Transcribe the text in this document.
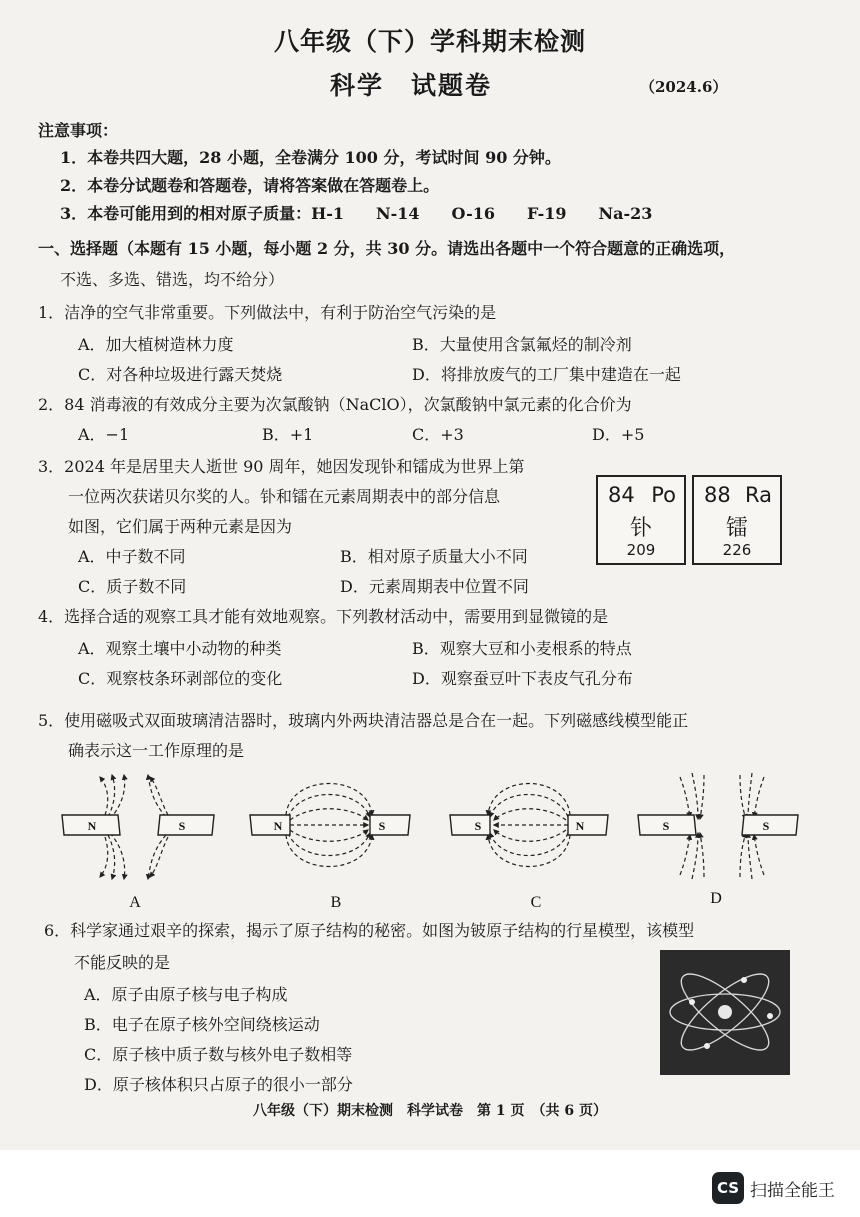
八年级（下）学科期末检测
科学　试题卷	（2024.6）
注意事项：
1．本卷共四大题，28 小题，全卷满分 100 分，考试时间 90 分钟。
2．本卷分试题卷和答题卷，请将答案做在答题卷上。
3．本卷可能用到的相对原子质量：H-1　　N-14　　O-16　　F-19　　Na-23
一、选择题（本题有 15 小题，每小题 2 分，共 30 分。请选出各题中一个符合题意的正确选项，
不选、多选、错选，均不给分）
1．洁净的空气非常重要。下列做法中，有利于防治空气污染的是
A．加大植树造林力度	B．大量使用含氯氟烃的制冷剂
C．对各种垃圾进行露天焚烧	D．将排放废气的工厂集中建造在一起
2．84 消毒液的有效成分主要为次氯酸钠（NaClO），次氯酸钠中氯元素的化合价为
A．−1	B．+1	C．+3	D．+5
3．2024 年是居里夫人逝世 90 周年，她因发现钋和镭成为世界上第
一位两次获诺贝尔奖的人。钋和镭在元素周期表中的部分信息
如图，它们属于两种元素是因为
A．中子数不同	B．相对原子质量大小不同
C．质子数不同	D．元素周期表中位置不同
84 Po
钋
209
88 Ra
镭
226
4．选择合适的观察工具才能有效地观察。下列教材活动中，需要用到显微镜的是
A．观察土壤中小动物的种类	B．观察大豆和小麦根系的特点
C．观察枝条环剥部位的变化	D．观察蚕豆叶下表皮气孔分布
5．使用磁吸式双面玻璃清洁器时，玻璃内外两块清洁器总是合在一起。下列磁感线模型能正
确表示这一工作原理的是
N	S	N	S	S	N	S	S
A	B	C	D
6．科学家通过艰辛的探索，揭示了原子结构的秘密。如图为铍原子结构的行星模型，该模型
不能反映的是
A．原子由原子核与电子构成
B．电子在原子核外空间绕核运动
C．原子核中质子数与核外电子数相等
D．原子核体积只占原子的很小一部分
八年级（下）期末检测　科学试卷　第 1 页　（共 6 页）
CS 扫描全能王
